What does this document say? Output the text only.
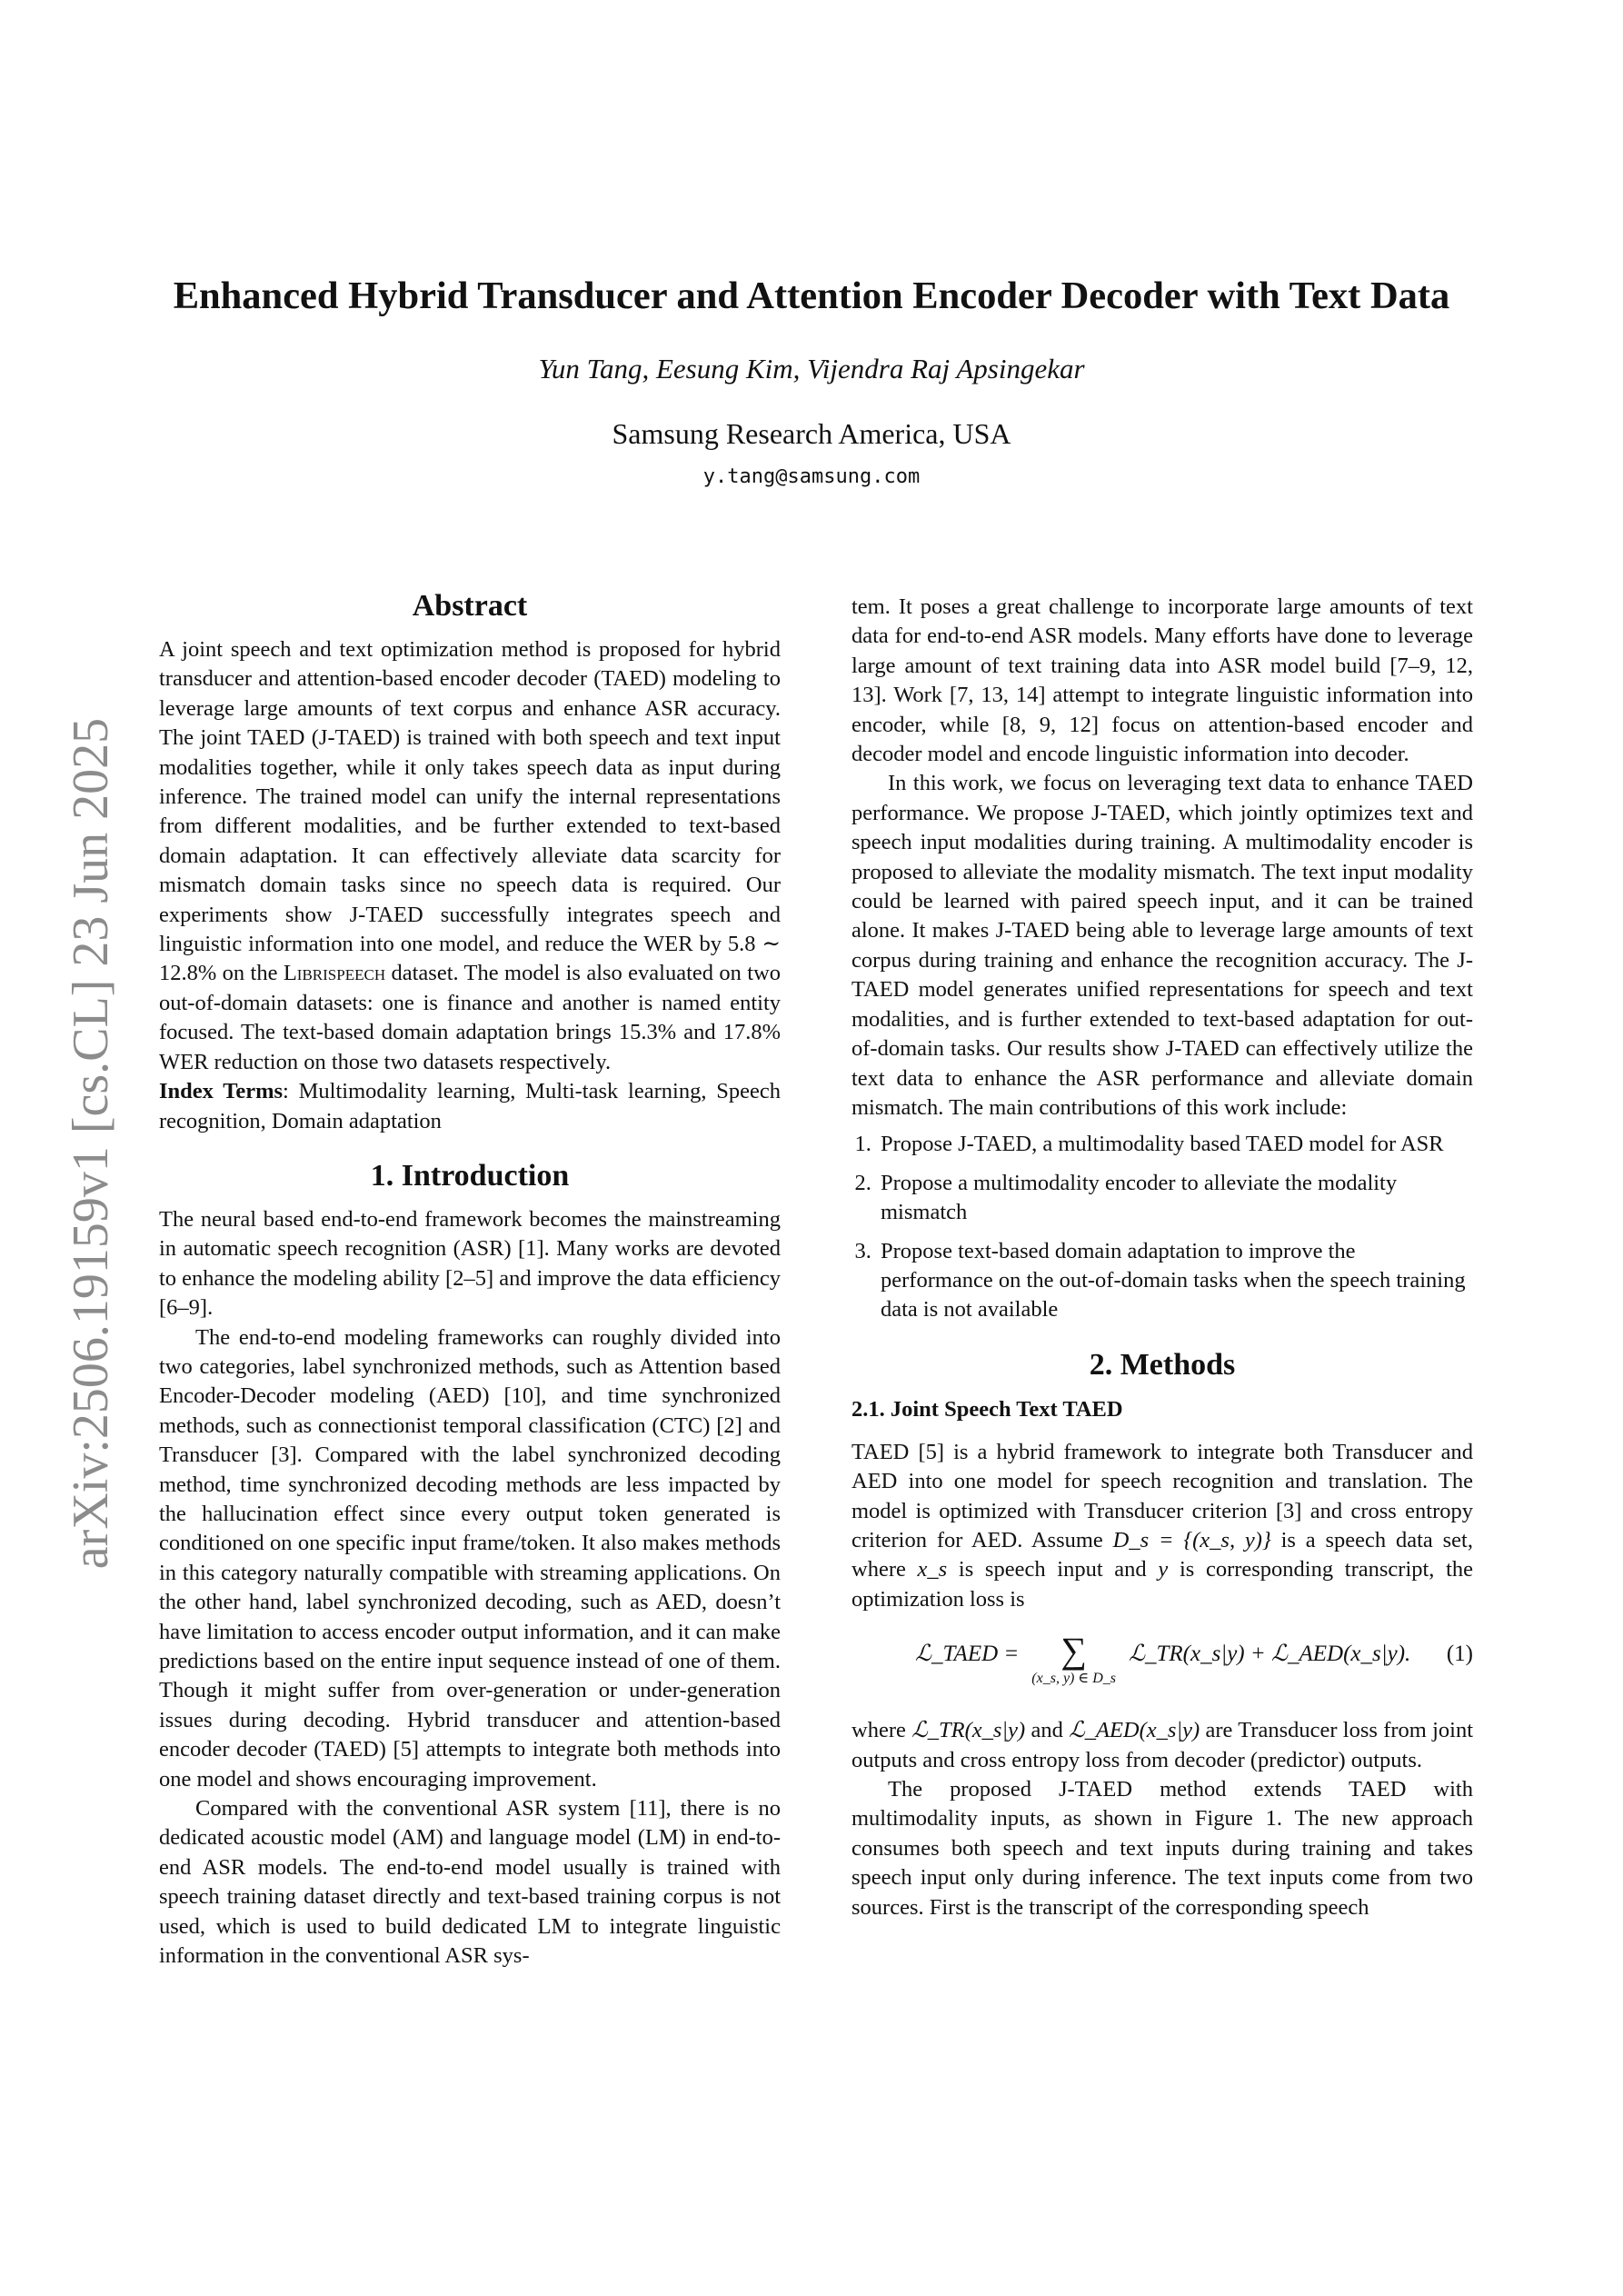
arXiv:2506.19159v1 [cs.CL] 23 Jun 2025
Enhanced Hybrid Transducer and Attention Encoder Decoder with Text Data
Yun Tang, Eesung Kim, Vijendra Raj Apsingekar
Samsung Research America, USA
y.tang@samsung.com
Abstract

A joint speech and text optimization method is proposed for hybrid transducer and attention-based encoder decoder (TAED) modeling to leverage large amounts of text corpus and enhance ASR accuracy. The joint TAED (J-TAED) is trained with both speech and text input modalities together, while it only takes speech data as input during inference. The trained model can unify the internal representations from different modalities, and be further extended to text-based domain adaptation. It can effectively alleviate data scarcity for mismatch domain tasks since no speech data is required. Our experiments show J-TAED successfully integrates speech and linguistic information into one model, and reduce the WER by 5.8 ∼ 12.8% on the Librispeech dataset. The model is also evaluated on two out-of-domain datasets: one is finance and another is named entity focused. The text-based domain adaptation brings 15.3% and 17.8% WER reduction on those two datasets respectively.

Index Terms: Multimodality learning, Multi-task learning, Speech recognition, Domain adaptation

1. Introduction

The neural based end-to-end framework becomes the mainstreaming in automatic speech recognition (ASR) [1]. Many works are devoted to enhance the modeling ability [2–5] and improve the data efficiency [6–9].

The end-to-end modeling frameworks can roughly divided into two categories, label synchronized methods, such as Attention based Encoder-Decoder modeling (AED) [10], and time synchronized methods, such as connectionist temporal classification (CTC) [2] and Transducer [3]. Compared with the label synchronized decoding method, time synchronized decoding methods are less impacted by the hallucination effect since every output token generated is conditioned on one specific input frame/token. It also makes methods in this category naturally compatible with streaming applications. On the other hand, label synchronized decoding, such as AED, doesn’t have limitation to access encoder output information, and it can make predictions based on the entire input sequence instead of one of them. Though it might suffer from over-generation or under-generation issues during decoding. Hybrid transducer and attention-based encoder decoder (TAED) [5] attempts to integrate both methods into one model and shows encouraging improvement.

Compared with the conventional ASR system [11], there is no dedicated acoustic model (AM) and language model (LM) in end-to-end ASR models. The end-to-end model usually is trained with speech training dataset directly and text-based training corpus is not used, which is used to build dedicated LM to integrate linguistic information in the conventional ASR sys-

tem. It poses a great challenge to incorporate large amounts of text data for end-to-end ASR models. Many efforts have done to leverage large amount of text training data into ASR model build [7–9, 12, 13]. Work [7, 13, 14] attempt to integrate linguistic information into encoder, while [8, 9, 12] focus on attention-based encoder and decoder model and encode linguistic information into decoder.

In this work, we focus on leveraging text data to enhance TAED performance. We propose J-TAED, which jointly optimizes text and speech input modalities during training. A multimodality encoder is proposed to alleviate the modality mismatch. The text input modality could be learned with paired speech input, and it can be trained alone. It makes J-TAED being able to leverage large amounts of text corpus during training and enhance the recognition accuracy. The J-TAED model generates unified representations for speech and text modalities, and is further extended to text-based adaptation for out-of-domain tasks. Our results show J-TAED can effectively utilize the text data to enhance the ASR performance and alleviate domain mismatch. The main contributions of this work include:

1. Propose J-TAED, a multimodality based TAED model for ASR
2. Propose a multimodality encoder to alleviate the modality mismatch
3. Propose text-based domain adaptation to improve the performance on the out-of-domain tasks when the speech training data is not available
2. Methods
2.1. Joint Speech Text TAED

TAED [5] is a hybrid framework to integrate both Transducer and AED into one model for speech recognition and translation. The model is optimized with Transducer criterion [3] and cross entropy criterion for AED. Assume D_s = {(x_s, y)} is a speech data set, where x_s is speech input and y is corresponding transcript, the optimization loss is

ℒ_TAED = ∑
(x_s, y) ∈ D_s
ℒ_TR(x_s|y) + ℒ_AED(x_s|y). (1)

where ℒ_TR(x_s|y) and ℒ_AED(x_s|y) are Transducer loss from joint outputs and cross entropy loss from decoder (predictor) outputs.

The proposed J-TAED method extends TAED with multimodality inputs, as shown in Figure 1. The new approach consumes both speech and text inputs during training and takes speech input only during inference. The text inputs come from two sources. First is the transcript of the corresponding speech
